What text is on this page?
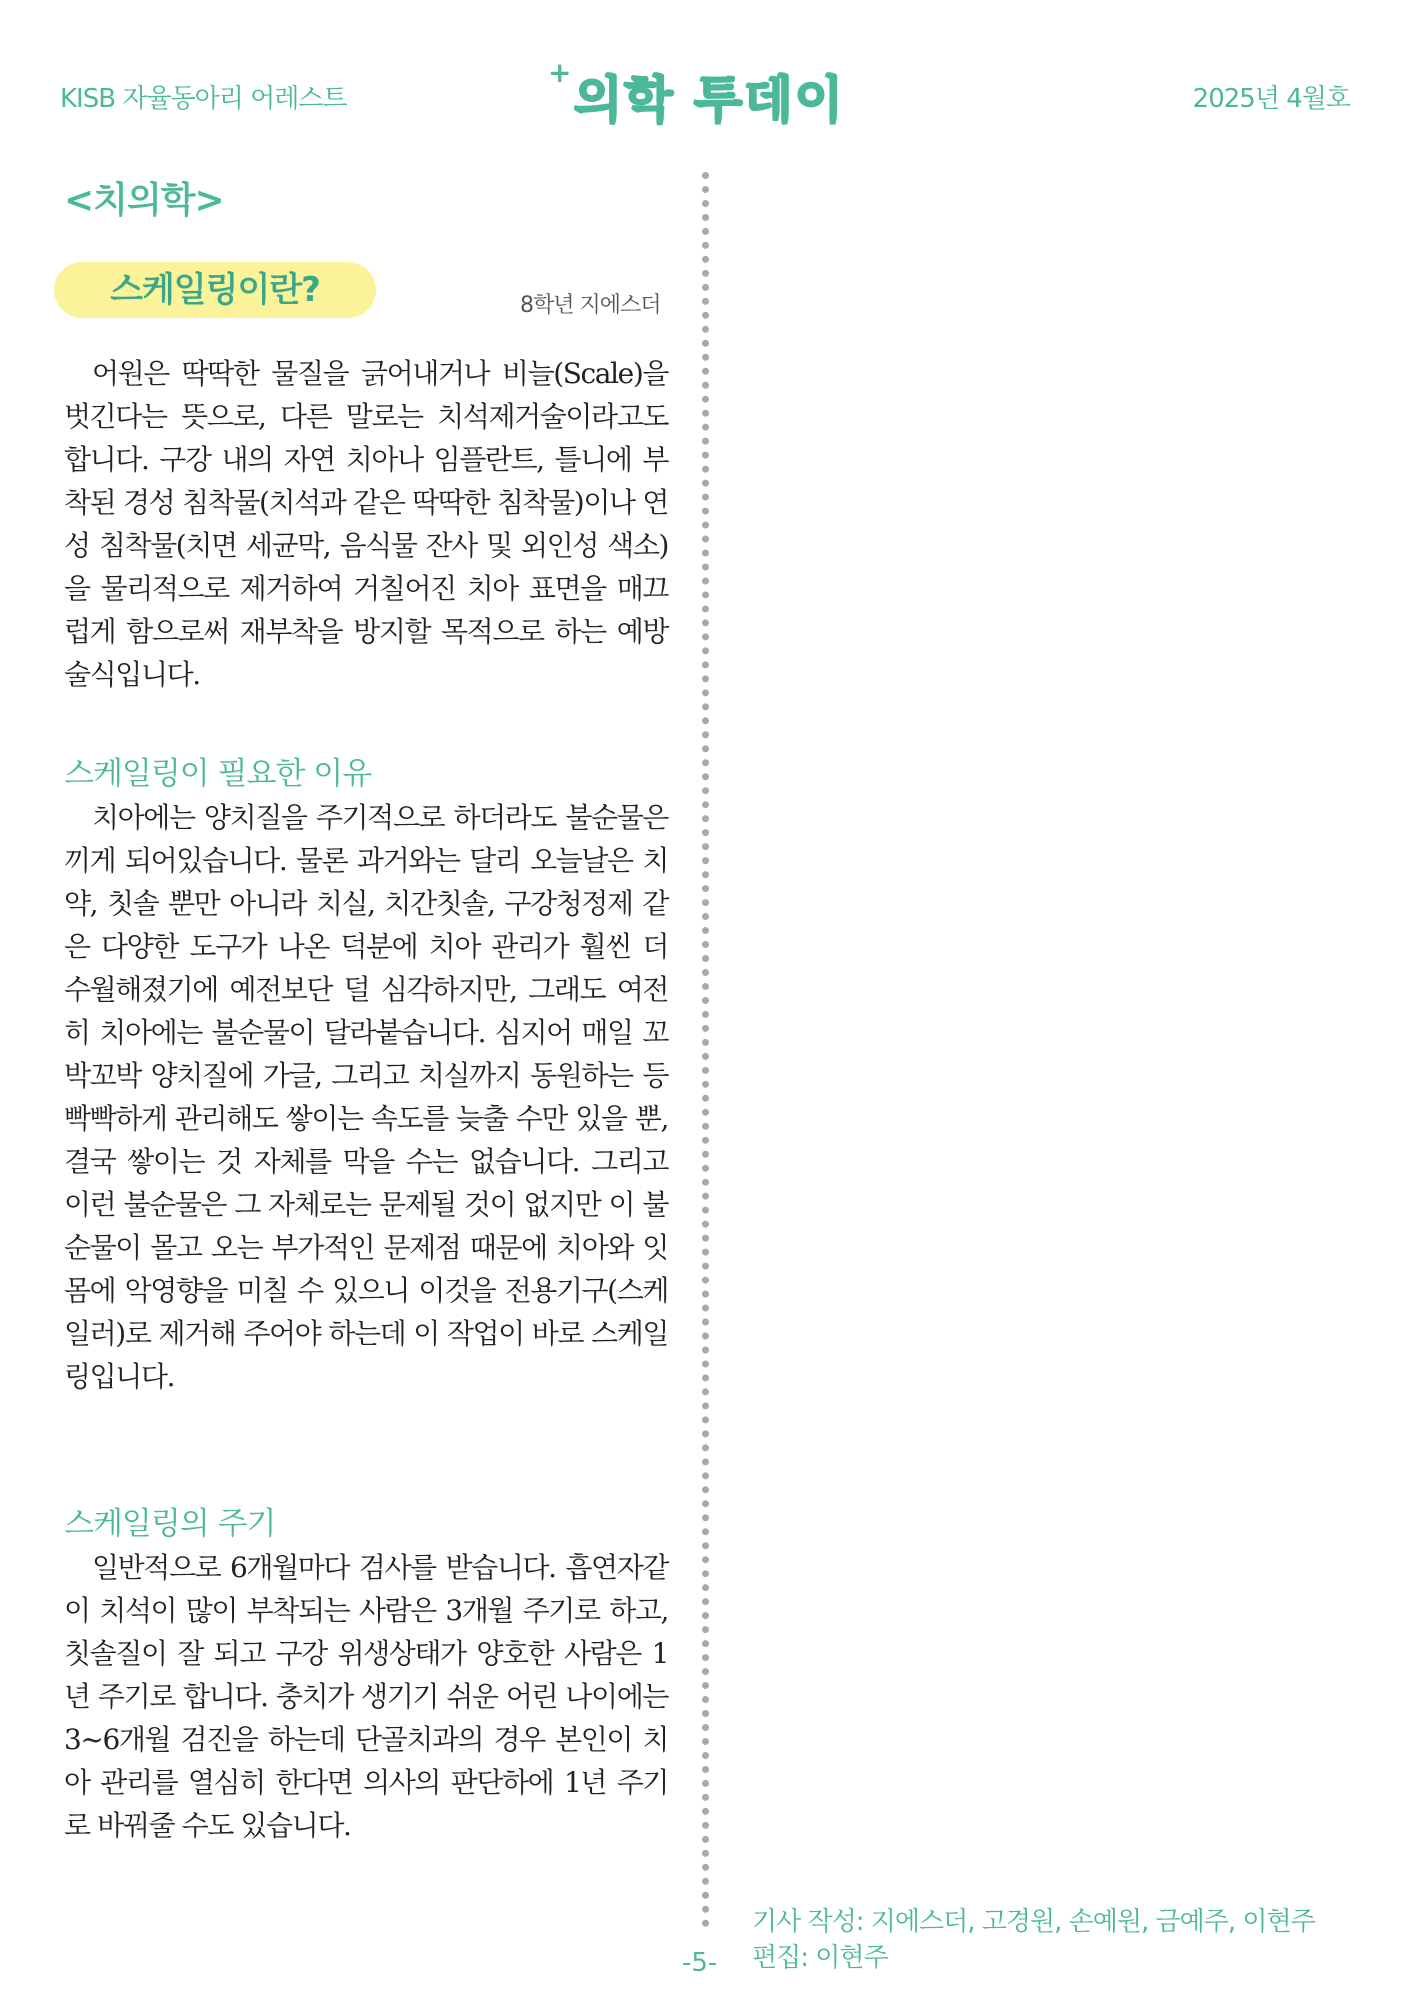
KISB 자율동아리 어레스트
+ 의학 투데이	2025년 4월호
<치의학>
스케일링이란?	8학년 지에스더

어원은 딱딱한 물질을 긁어내거나 비늘(Scale)을 벗긴다는 뜻으로, 다른 말로는 치석제거술이라고도 합니다. 구강 내의 자연 치아나 임플란트, 틀니에 부착된 경성 침착물(치석과 같은 딱딱한 침착물)이나 연성 침착물(치면 세균막, 음식물 잔사 및 외인성 색소)을 물리적으로 제거하여 거칠어진 치아 표면을 매끄럽게 함으로써 재부착을 방지할 목적으로 하는 예방 술식입니다.

스케일링이 필요한 이유

치아에는 양치질을 주기적으로 하더라도 불순물은 끼게 되어있습니다. 물론 과거와는 달리 오늘날은 치약, 칫솔 뿐만 아니라 치실, 치간칫솔, 구강청정제 같은 다양한 도구가 나온 덕분에 치아 관리가 훨씬 더 수월해졌기에 예전보단 덜 심각하지만, 그래도 여전히 치아에는 불순물이 달라붙습니다. 심지어 매일 꼬박꼬박 양치질에 가글, 그리고 치실까지 동원하는 등 빡빡하게 관리해도 쌓이는 속도를 늦출 수만 있을 뿐, 결국 쌓이는 것 자체를 막을 수는 없습니다. 그리고 이런 불순물은 그 자체로는 문제될 것이 없지만 이 불순물이 몰고 오는 부가적인 문제점 때문에 치아와 잇몸에 악영향을 미칠 수 있으니 이것을 전용기구(스케일러)로 제거해 주어야 하는데 이 작업이 바로 스케일링입니다.

스케일링의 주기

일반적으로 6개월마다 검사를 받습니다. 흡연자같이 치석이 많이 부착되는 사람은 3개월 주기로 하고, 칫솔질이 잘 되고 구강 위생상태가 양호한 사람은 1년 주기로 합니다. 충치가 생기기 쉬운 어린 나이에는 3~6개월 검진을 하는데 단골치과의 경우 본인이 치아 관리를 열심히 한다면 의사의 판단하에 1년 주기로 바꿔줄 수도 있습니다.

기사 작성: 지에스더, 고경원, 손예원, 금예주, 이현주
편집: 이현주
-5-
